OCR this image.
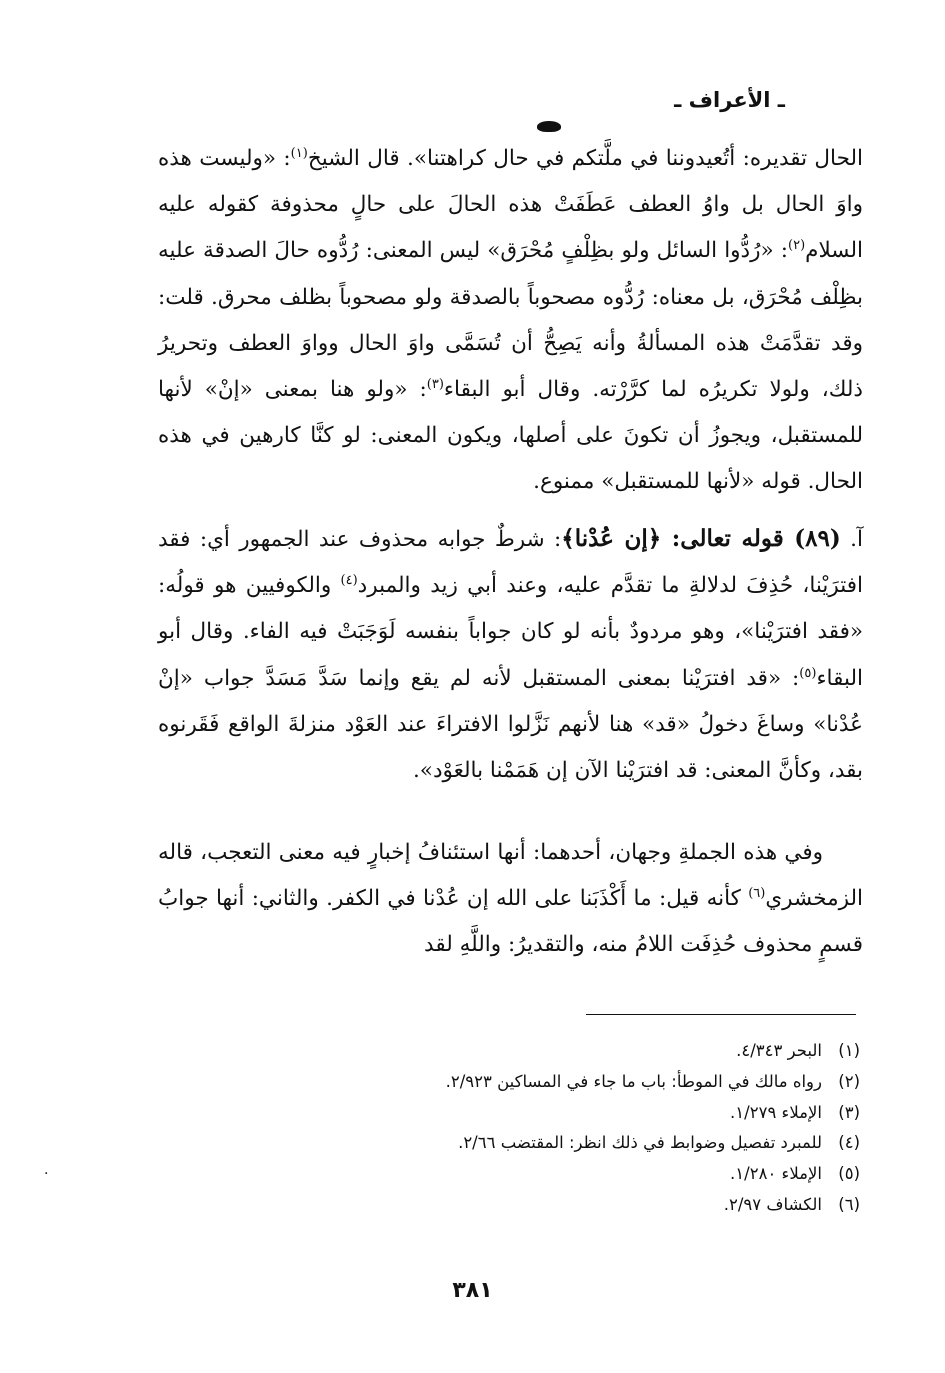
ـ الأعراف ـ

الحال تقديره: أتُعيدوننا في ملَّتكم في حال كراهتنا». قال الشيخ$^{(١)}$: «وليست هذه واوَ الحال بل واوُ العطف عَطَفَتْ هذه الحالَ على حالٍ محذوفة كقوله عليه السلام$^{(٢)}$: «رُدُّوا السائل ولو بظِلْفٍ مُحْرَق» ليس المعنى: رُدُّوه حالَ الصدقة عليه بظِلْف مُحْرَق، بل معناه: رُدُّوه مصحوباً بالصدقة ولو مصحوباً بظلف محرق. قلت: وقد تقدَّمَتْ هذه المسألةُ وأنه يَصِحُّ أن تُسَمَّى واوَ الحال وواوَ العطف وتحريرُ ذلك، ولولا تكريرُه لما كرَّرْته. وقال أبو البقاء$^{(٣)}$: «ولو هنا بمعنى «إنْ» لأنها للمستقبل، ويجوزُ أن تكونَ على أصلها، ويكون المعنى: لو كنَّا كارهين في هذه الحال. قوله «لأنها للمستقبل» ممنوع.

آ. (٨٩) قوله تعالى: ﴿إن عُدْنا﴾: شرطٌ جوابه محذوف عند الجمهور أي: فقد افترَيْنا، حُذِفَ لدلالةِ ما تقدَّم عليه، وعند أبي زيد والمبرد$^{(٤)}$ والكوفيين هو قولُه: «فقد افترَيْنا»، وهو مردودٌ بأنه لو كان جواباً بنفسه لَوَجَبَتْ فيه الفاء. وقال أبو البقاء$^{(٥)}$: «قد افترَيْنا بمعنى المستقبل لأنه لم يقع وإنما سَدَّ مَسَدَّ جواب «إنْ عُدْنا» وساغَ دخولُ «قد» هنا لأنهم نَزَّلوا الافتراءَ عند العَوْد منزلةَ الواقع فَقَرنوه بقد، وكأنَّ المعنى: قد افترَيْنا الآن إن هَمَمْنا بالعَوْد».

وفي هذه الجملةِ وجهان، أحدهما: أنها استئنافُ إخبارٍ فيه معنى التعجب، قاله الزمخشري$^{(٦)}$ كأنه قيل: ما أَكْذَبَنا على الله إن عُدْنا في الكفر. والثاني: أنها جوابُ قسمٍ محذوف حُذِفَت اللامُ منه، والتقديرُ: واللَّهِ لقد

(١)البحر ٤/٣٤٣.
(٢)رواه مالك في الموطأ: باب ما جاء في المساكين ٢/٩٢٣.
(٣)الإملاء ١/٢٧٩.
(٤)للمبرد تفصيل وضوابط في ذلك انظر: المقتضب ٢/٦٦.
(٥)الإملاء ١/٢٨٠.
(٦)الكشاف ٢/٩٧.
٣٨١
.
